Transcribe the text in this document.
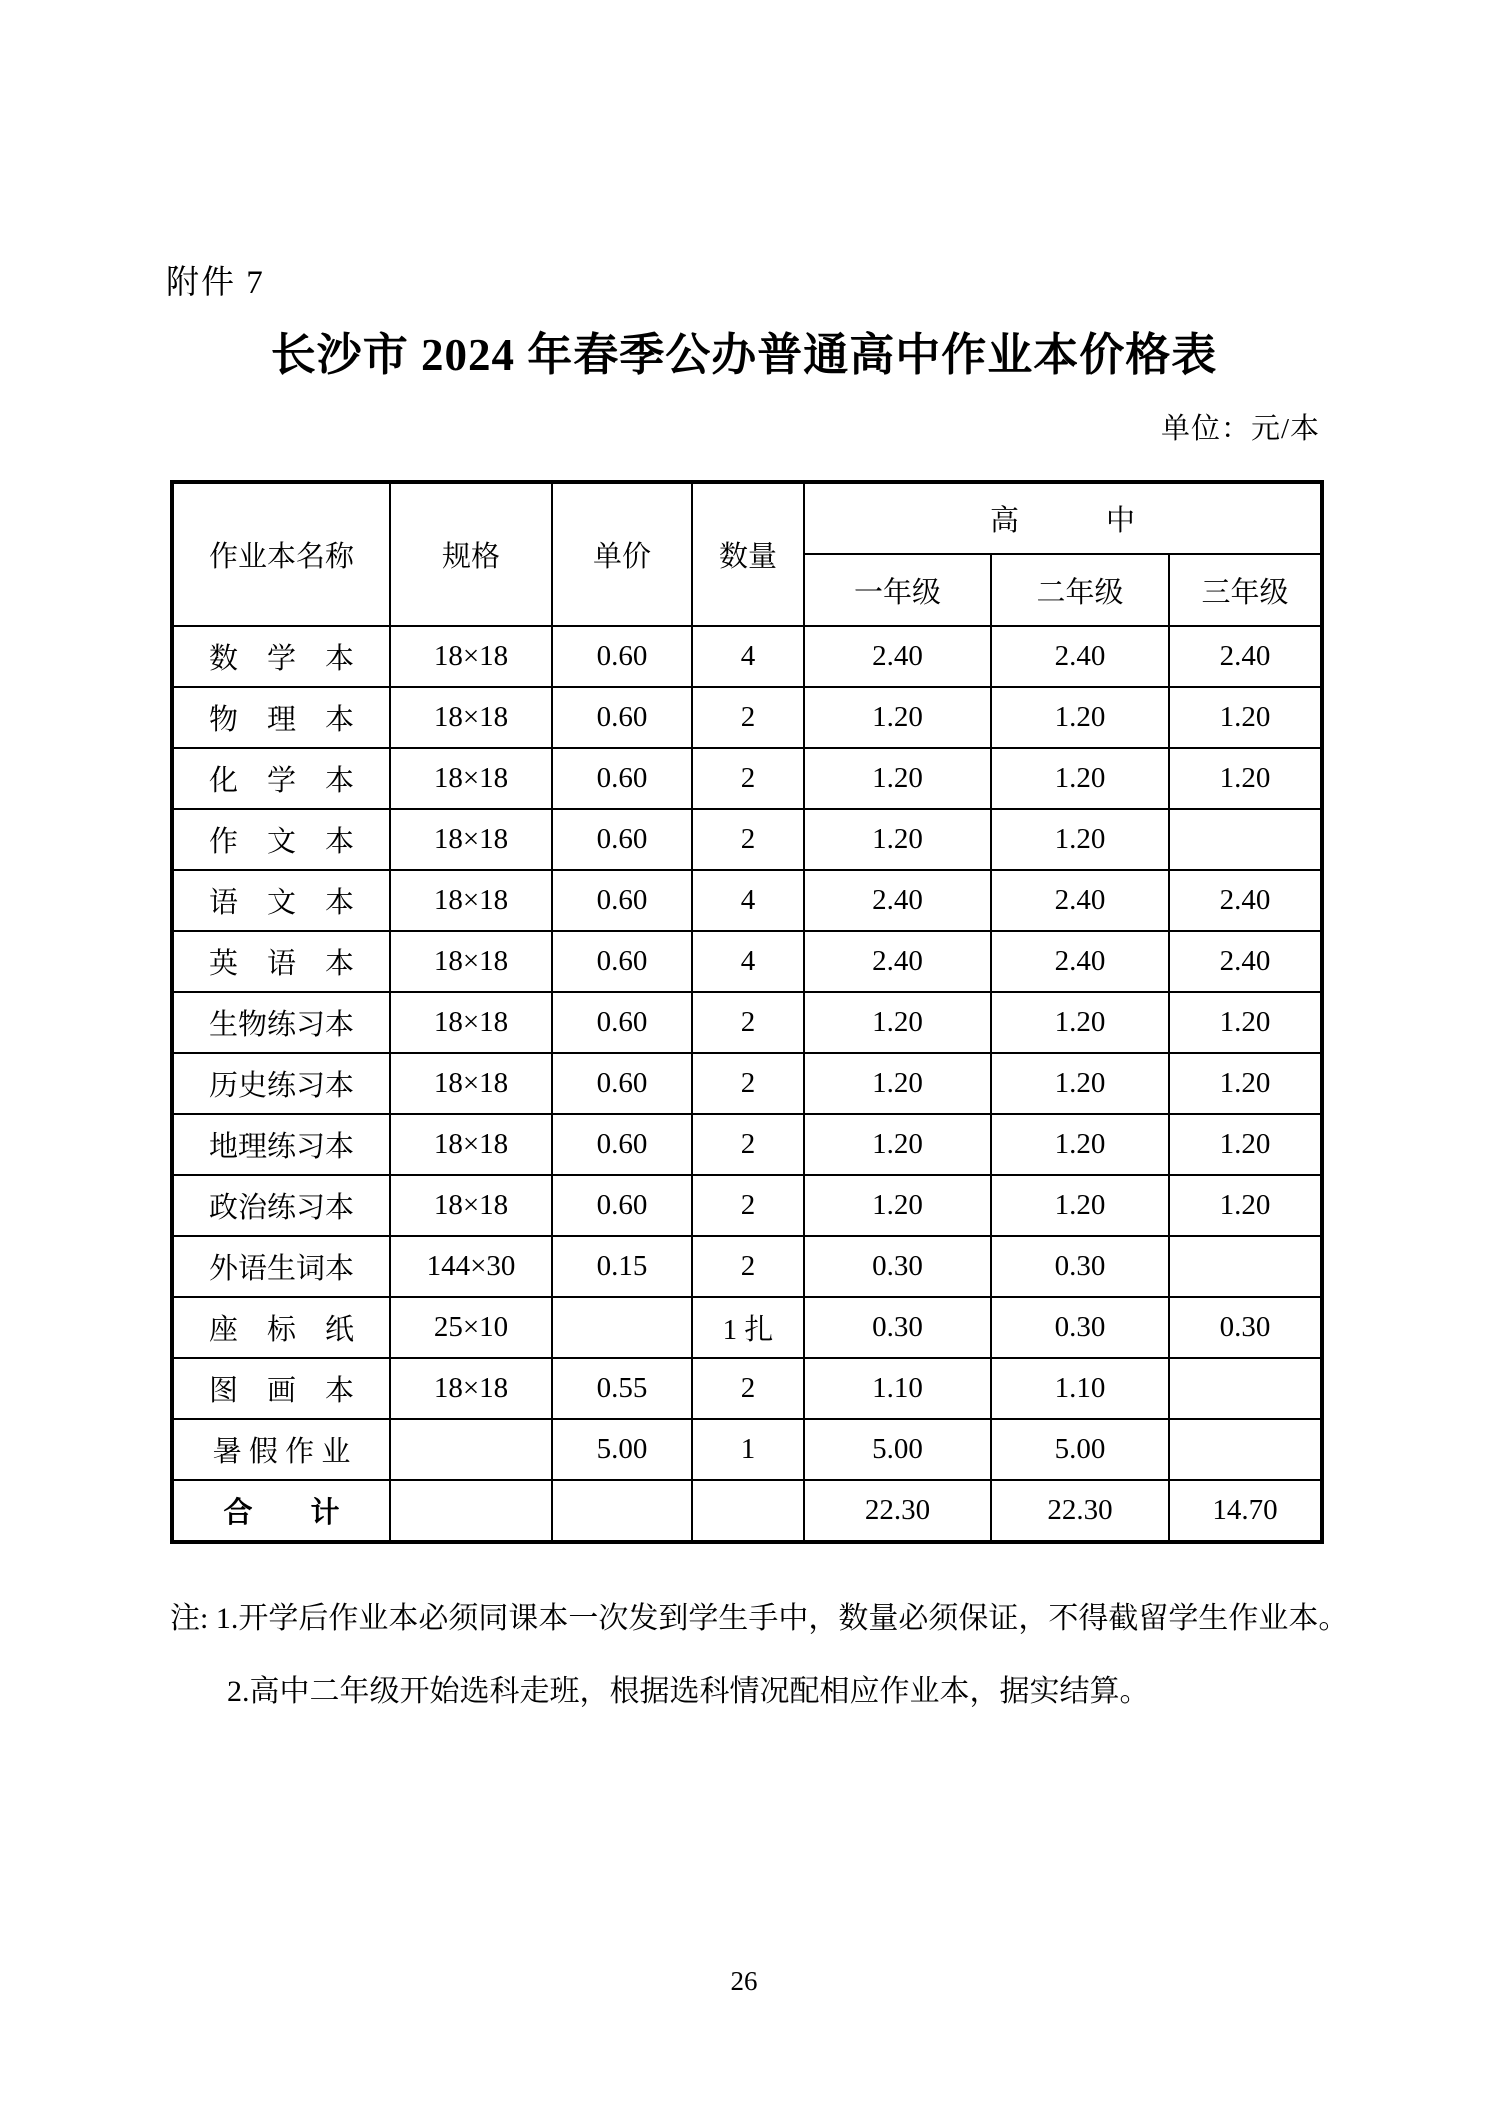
附件 7
长沙市 2024 年春季公办普通高中作业本价格表
单位：元/本
作业本名称	规格	单价	数量	高　　　中		
				一年级	二年级	三年级
数　学　本	18×18	0.60	4	2.40	2.40	2.40
物　理　本	18×18	0.60	2	1.20	1.20	1.20
化　学　本	18×18	0.60	2	1.20	1.20	1.20
作　文　本	18×18	0.60	2	1.20	1.20	
语　文　本	18×18	0.60	4	2.40	2.40	2.40
英　语　本	18×18	0.60	4	2.40	2.40	2.40
生物练习本	18×18	0.60	2	1.20	1.20	1.20
历史练习本	18×18	0.60	2	1.20	1.20	1.20
地理练习本	18×18	0.60	2	1.20	1.20	1.20
政治练习本	18×18	0.60	2	1.20	1.20	1.20
外语生词本	144×30	0.15	2	0.30	0.30	
座　标　纸	25×10		1 扎	0.30	0.30	0.30
图　画　本	18×18	0.55	2	1.10	1.10	
暑 假 作 业		5.00	1	5.00	5.00	
合　　计				22.30	22.30	14.70
注: 1.开学后作业本必须同课本一次发到学生手中，数量必须保证，不得截留学生作业本。
2.高中二年级开始选科走班，根据选科情况配相应作业本，据实结算。
26
